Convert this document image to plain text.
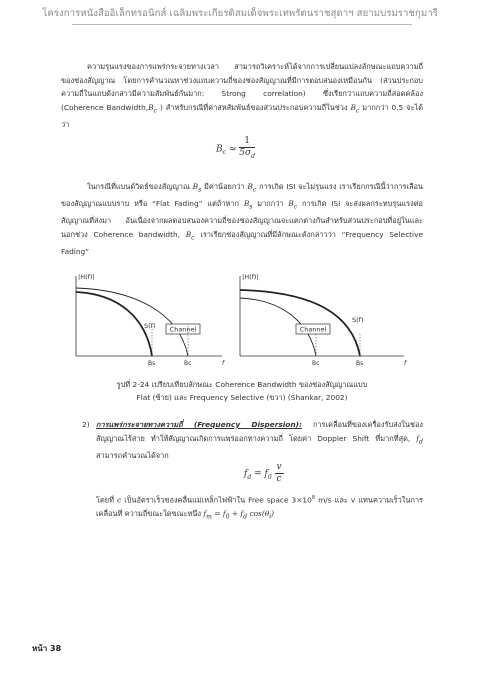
โครงการหนังสืออิเล็กทรอนิกส์ เฉลิมพระเกียรติสมเด็จพระเทพรัตนราชสุดาฯ สยามบรมราชกุมารี

ความรุนแรงของการแพร่กระจายทางเวลา สามารถวิเคราะห์ได้จากการเปลี่ยนแปลงลักษณะแถบความถี่ของช่องสัญญาณ โดยการคำนวณหาช่วงแถบความถี่ของช่องสัญญาณที่มีการตอบสนองเหมือนกัน (ส่วนประกอบความถี่ในแถบดังกล่าวมีความสัมพันธ์กันมาก: Strong correlation) ซึ่งเรียกว่าแถบความถี่สอดคล้อง (Coherence $Bandwidth,B_c$ ) สำหรับกรณีที่ค่าสหสัมพันธ์ของส่วนประกอบความถี่ในช่วง $B_c$ มากกว่า 0.5 จะได้ว่า

$B_c \approx \frac{1}{5\sigma_d}$

ในกรณีที่แบนด์วิดธ์ของสัญญาณ $B_s$ มีค่าน้อยกว่า $B_c$ การเกิด ISI จะไม่รุนแรง เราเรียกกรณีนี้ว่าการเลือนของสัญญาณแบบราบ หรือ “Flat Fading” แต่ถ้าหาก $B_s$ มากกว่า $B_c$ การเกิด ISI จะส่งผลกระทบรุนแรงต่อสัญญาณที่ส่งมา อันเนื่องจากผลตอบสนองความถี่ของช่องสัญญาณจะแตกต่างกันสำหรับส่วนประกอบที่อยู่ในและนอกช่วง Coherence bandwidth, $B_c$ เราเรียกช่องสัญญาณที่มีลักษณะดังกล่าวว่า “Frequency Selective Fading”

|H(f)|
S(f) Channel
Bs	Bc	f
|H(f)|
S(f)
Channel
Bc	Bs	f

รูปที่ 2-24 เปรียบเทียบลักษณะ Coherence Bandwidth ของช่องสัญญาณแบบ
Flat (ซ้าย) และ Frequency Selective (ขวา) (Shankar, 2002)

2) การแพร่กระจายทางความถี่ (Frequency Dispersion): การเคลื่อนที่ของเครื่องรับส่งในช่องสัญญาณไร้สาย ทำให้สัญญาณเกิดการแพร่ออกทางความถี่ โดยค่า Doppler Shift ที่มากที่สุด, $f_d$ สามารถคำนวณได้จาก
$f_d = f_0 \frac{v}{c}$

โดยที่ c เป็นอัตราเร็วของคลื่นแม่เหล็กไฟฟ้าใน Free space $3\times 10^8$ m/s และ v แทนความเร็วในการเคลื่อนที่ ความถี่ขณะใดขณะหนึ่ง $f_m = f_0 + f_d$ $\cos(\theta_i)$

หน้า 38
